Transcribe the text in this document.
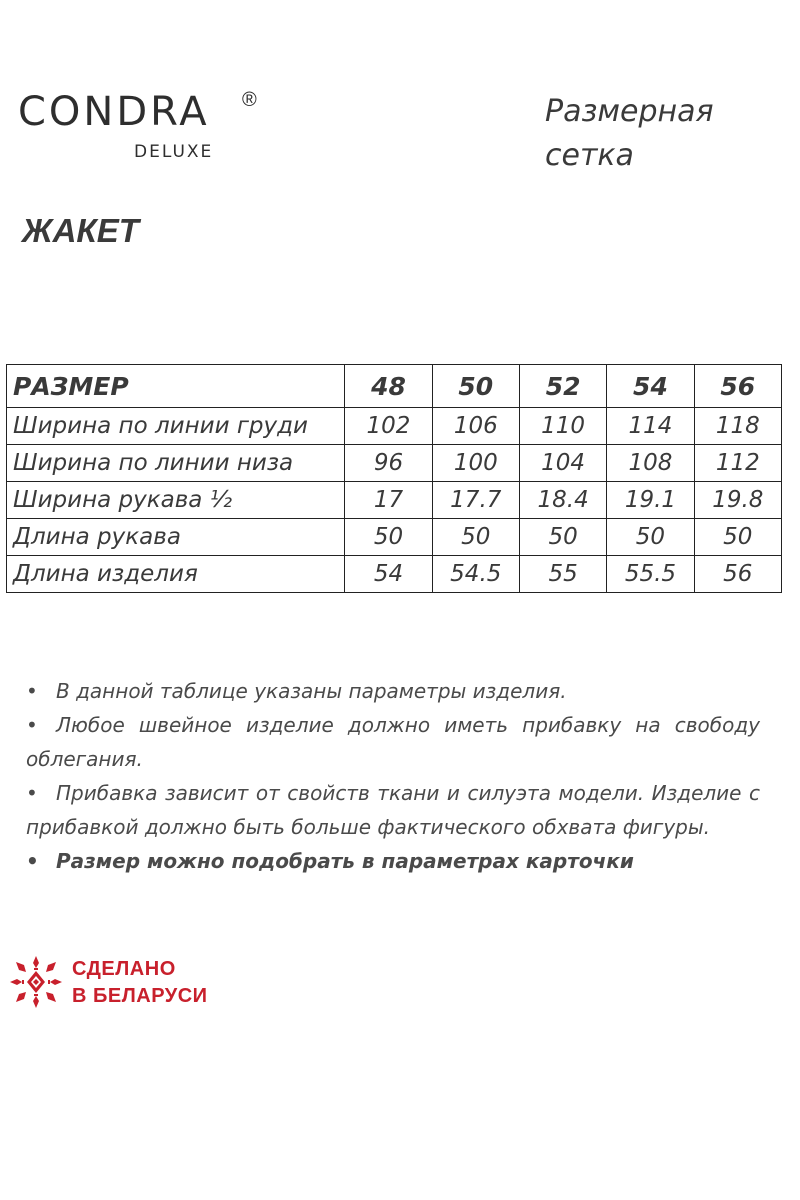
CONDRA ®
DELUXE
Размерная
сетка
ЖАКЕТ
РАЗМЕР	48	50	52	54	56
Ширина по линии груди	102	106	110	114	118
Ширина по линии низа	96	100	104	108	112
Ширина рукава ½	17	17.7	18.4	19.1	19.8
Длина рукава	50	50	50	50	50
Длина изделия	54	54.5	55	55.5	56
• В данной таблице указаны параметры изделия.
• Любое швейное изделие должно иметь прибавку на свободу облегания.
• Прибавка зависит от свойств ткани и силуэта модели. Изделие с прибавкой должно быть больше фактического обхвата фигуры.
• Размер можно подобрать в параметрах карточки
СДЕЛАНО
В БЕЛАРУСИ
